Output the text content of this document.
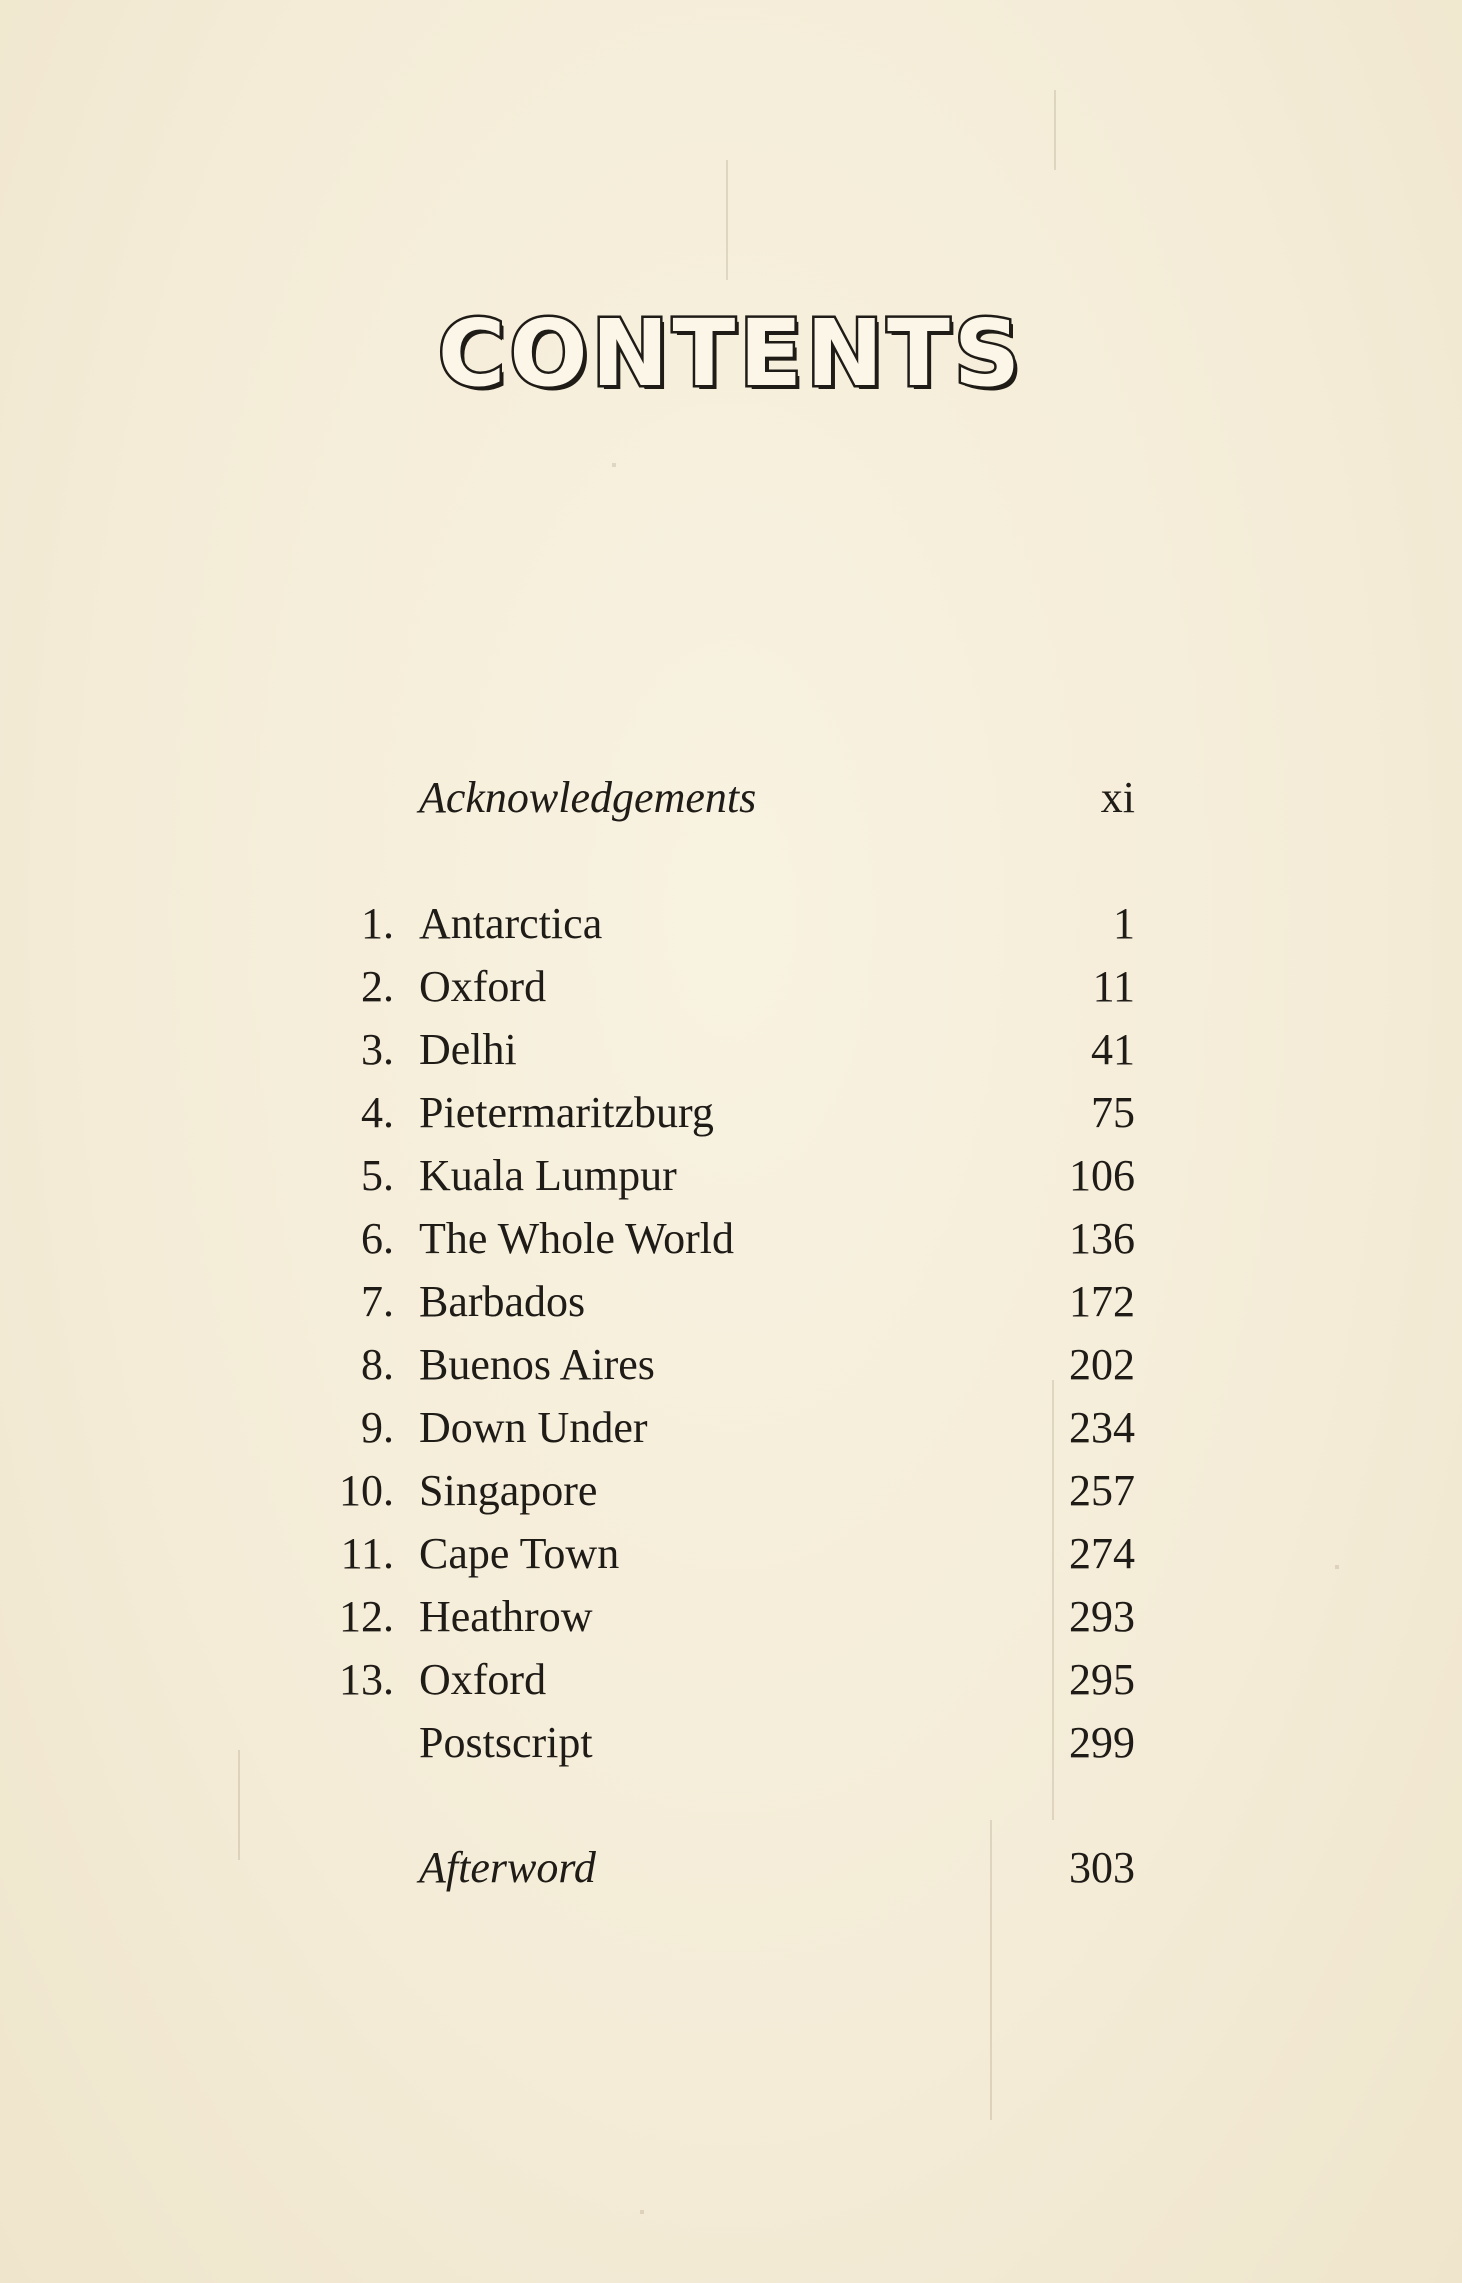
CONTENTS
Acknowledgements	xi
1. Antarctica	1
2. Oxford	11
3. Delhi	41
4. Pietermaritzburg	75
5. Kuala Lumpur	106
6. The Whole World	136
7. Barbados	172
8. Buenos Aires	202
9. Down Under	234
10. Singapore	257
11. Cape Town	274
12. Heathrow	293
13. Oxford	295
Postscript	299
Afterword	303
